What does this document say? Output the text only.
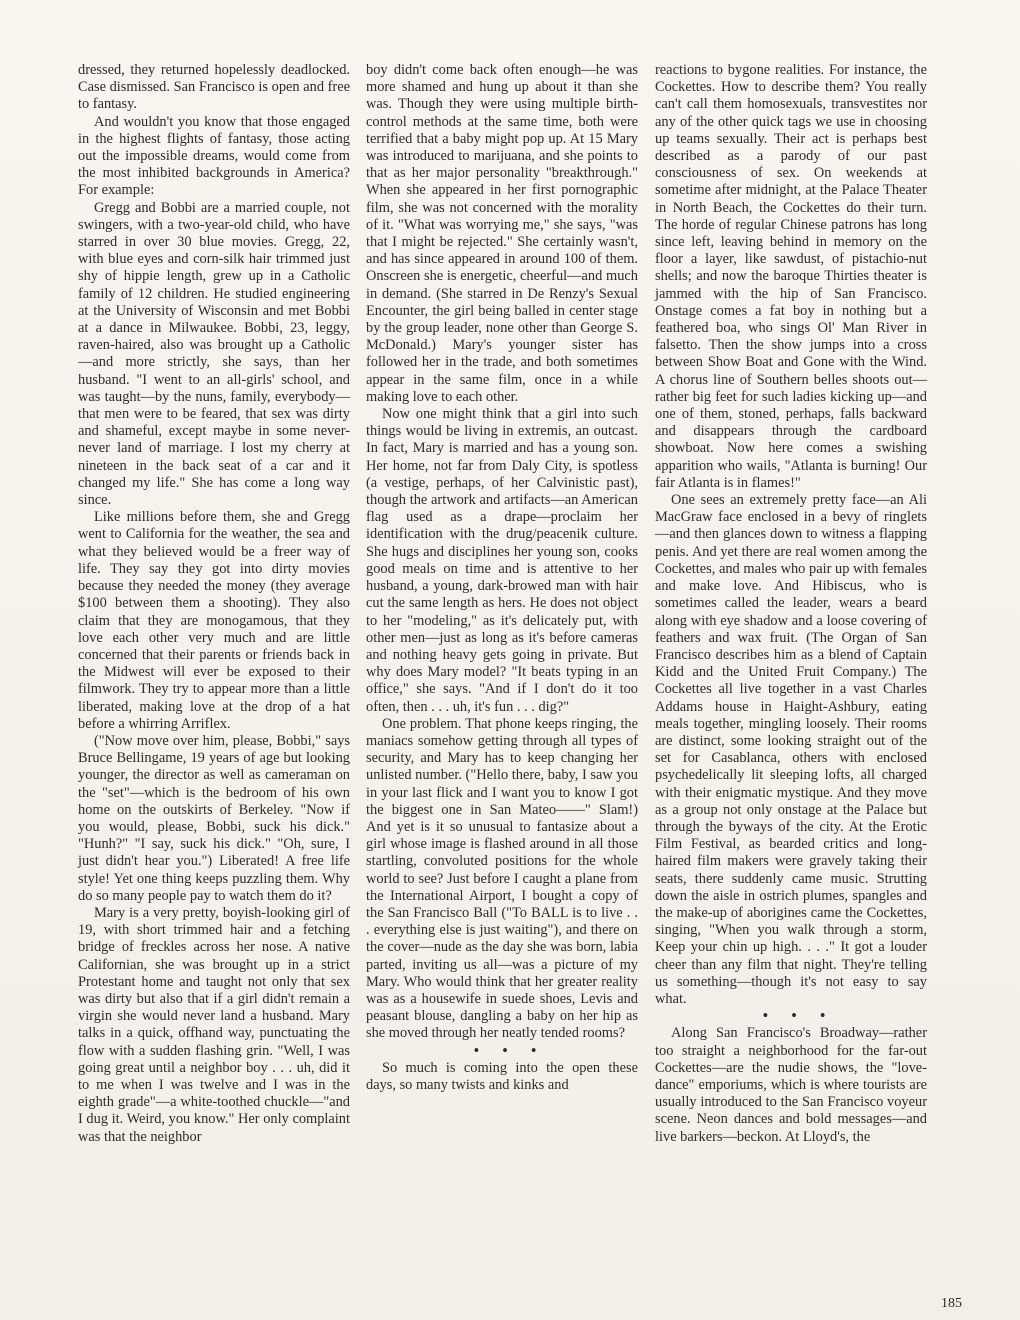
dressed, they returned hopelessly deadlocked. Case dismissed. San Francisco is open and free to fantasy.

And wouldn't you know that those engaged in the highest flights of fantasy, those acting out the impossible dreams, would come from the most inhibited backgrounds in America? For example:

Gregg and Bobbi are a married couple, not swingers, with a two-year-old child, who have starred in over 30 blue movies. Gregg, 22, with blue eyes and corn-silk hair trimmed just shy of hippie length, grew up in a Catholic family of 12 children. He studied engineering at the University of Wisconsin and met Bobbi at a dance in Milwaukee. Bobbi, 23, leggy, raven-haired, also was brought up a Catholic—and more strictly, she says, than her husband. "I went to an all-girls' school, and was taught—by the nuns, family, everybody—that men were to be feared, that sex was dirty and shameful, except maybe in some never-never land of marriage. I lost my cherry at nineteen in the back seat of a car and it changed my life." She has come a long way since.

Like millions before them, she and Gregg went to California for the weather, the sea and what they believed would be a freer way of life. They say they got into dirty movies because they needed the money (they average $100 between them a shooting). They also claim that they are monogamous, that they love each other very much and are little concerned that their parents or friends back in the Midwest will ever be exposed to their filmwork. They try to appear more than a little liberated, making love at the drop of a hat before a whirring Arriflex.

("Now move over him, please, Bobbi," says Bruce Bellingame, 19 years of age but looking younger, the director as well as cameraman on the "set"—which is the bedroom of his own home on the outskirts of Berkeley. "Now if you would, please, Bobbi, suck his dick." "Hunh?" "I say, suck his dick." "Oh, sure, I just didn't hear you.") Liberated! A free life style! Yet one thing keeps puzzling them. Why do so many people pay to watch them do it?

Mary is a very pretty, boyish-looking girl of 19, with short trimmed hair and a fetching bridge of freckles across her nose. A native Californian, she was brought up in a strict Protestant home and taught not only that sex was dirty but also that if a girl didn't remain a virgin she would never land a husband. Mary talks in a quick, offhand way, punctuating the flow with a sudden flashing grin. "Well, I was going great until a neighbor boy . . . uh, did it to me when I was twelve and I was in the eighth grade"—a white-toothed chuckle—"and I dug it. Weird, you know." Her only complaint was that the neighbor

boy didn't come back often enough—he was more shamed and hung up about it than she was. Though they were using multiple birth-control methods at the same time, both were terrified that a baby might pop up. At 15 Mary was introduced to marijuana, and she points to that as her major personality "breakthrough." When she appeared in her first pornographic film, she was not concerned with the morality of it. "What was worrying me," she says, "was that I might be rejected." She certainly wasn't, and has since appeared in around 100 of them. Onscreen she is energetic, cheerful—and much in demand. (She starred in De Renzy's Sexual Encounter, the girl being balled in center stage by the group leader, none other than George S. McDonald.) Mary's younger sister has followed her in the trade, and both sometimes appear in the same film, once in a while making love to each other.

Now one might think that a girl into such things would be living in extremis, an outcast. In fact, Mary is married and has a young son. Her home, not far from Daly City, is spotless (a vestige, perhaps, of her Calvinistic past), though the artwork and artifacts—an American flag used as a drape—proclaim her identification with the drug/peacenik culture. She hugs and disciplines her young son, cooks good meals on time and is attentive to her husband, a young, dark-browed man with hair cut the same length as hers. He does not object to her "modeling," as it's delicately put, with other men—just as long as it's before cameras and nothing heavy gets going in private. But why does Mary model? "It beats typing in an office," she says. "And if I don't do it too often, then . . . uh, it's fun . . . dig?"

One problem. That phone keeps ringing, the maniacs somehow getting through all types of security, and Mary has to keep changing her unlisted number. ("Hello there, baby, I saw you in your last flick and I want you to know I got the biggest one in San Mateo——" Slam!) And yet is it so unusual to fantasize about a girl whose image is flashed around in all those startling, convoluted positions for the whole world to see? Just before I caught a plane from the International Airport, I bought a copy of the San Francisco Ball ("To BALL is to live . . . everything else is just waiting"), and there on the cover—nude as the day she was born, labia parted, inviting us all—was a picture of my Mary. Who would think that her greater reality was as a housewife in suede shoes, Levis and peasant blouse, dangling a baby on her hip as she moved through her neatly tended rooms?

• • •

So much is coming into the open these days, so many twists and kinks and

reactions to bygone realities. For instance, the Cockettes. How to describe them? You really can't call them homosexuals, transvestites nor any of the other quick tags we use in choosing up teams sexually. Their act is perhaps best described as a parody of our past consciousness of sex. On weekends at sometime after midnight, at the Palace Theater in North Beach, the Cockettes do their turn. The horde of regular Chinese patrons has long since left, leaving behind in memory on the floor a layer, like sawdust, of pistachio-nut shells; and now the baroque Thirties theater is jammed with the hip of San Francisco. Onstage comes a fat boy in nothing but a feathered boa, who sings Ol' Man River in falsetto. Then the show jumps into a cross between Show Boat and Gone with the Wind. A chorus line of Southern belles shoots out—rather big feet for such ladies kicking up—and one of them, stoned, perhaps, falls backward and disappears through the cardboard showboat. Now here comes a swishing apparition who wails, "Atlanta is burning! Our fair Atlanta is in flames!"

One sees an extremely pretty face—an Ali MacGraw face enclosed in a bevy of ringlets—and then glances down to witness a flapping penis. And yet there are real women among the Cockettes, and males who pair up with females and make love. And Hibiscus, who is sometimes called the leader, wears a beard along with eye shadow and a loose covering of feathers and wax fruit. (The Organ of San Francisco describes him as a blend of Captain Kidd and the United Fruit Company.) The Cockettes all live together in a vast Charles Addams house in Haight-Ashbury, eating meals together, mingling loosely. Their rooms are distinct, some looking straight out of the set for Casablanca, others with enclosed psychedelically lit sleeping lofts, all charged with their enigmatic mystique. And they move as a group not only onstage at the Palace but through the byways of the city. At the Erotic Film Festival, as bearded critics and long-haired film makers were gravely taking their seats, there suddenly came music. Strutting down the aisle in ostrich plumes, spangles and the make-up of aborigines came the Cockettes, singing, "When you walk through a storm, Keep your chin up high. . . ." It got a louder cheer than any film that night. They're telling us something—though it's not easy to say what.

• • •

Along San Francisco's Broadway—rather too straight a neighborhood for the far-out Cockettes—are the nudie shows, the "love-dance" emporiums, which is where tourists are usually introduced to the San Francisco voyeur scene. Neon dances and bold messages—and live barkers—beckon. At Lloyd's, the

185
